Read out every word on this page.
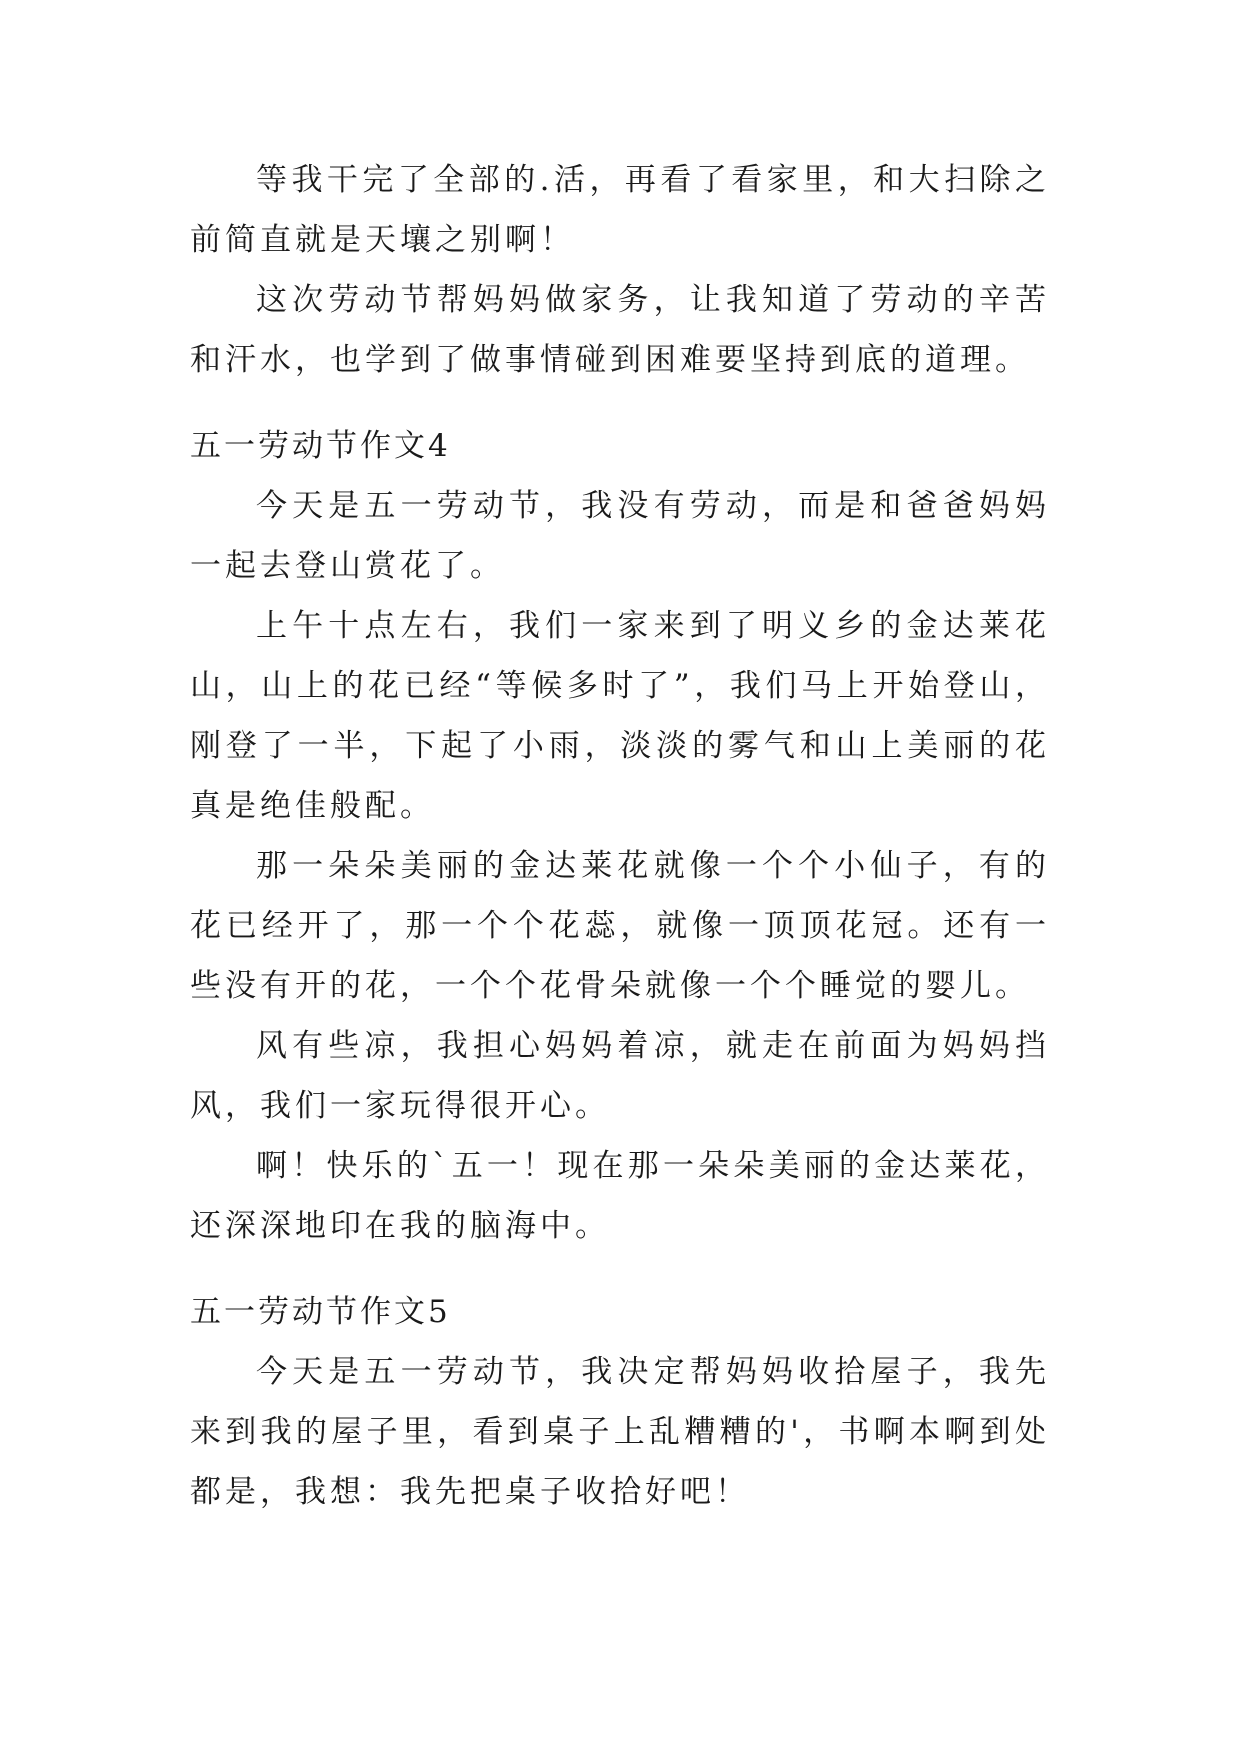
等我干完了全部的.活，再看了看家里，和大扫除之前简直就是天壤之别啊！

这次劳动节帮妈妈做家务，让我知道了劳动的辛苦和汗水，也学到了做事情碰到困难要坚持到底的道理。

五一劳动节作文4

今天是五一劳动节，我没有劳动，而是和爸爸妈妈一起去登山赏花了。

上午十点左右，我们一家来到了明义乡的金达莱花山，山上的花已经“等候多时了”，我们马上开始登山，刚登了一半，下起了小雨，淡淡的雾气和山上美丽的花真是绝佳般配。

那一朵朵美丽的金达莱花就像一个个小仙子，有的花已经开了，那一个个花蕊，就像一顶顶花冠。还有一些没有开的花，一个个花骨朵就像一个个睡觉的婴儿。

风有些凉，我担心妈妈着凉，就走在前面为妈妈挡风，我们一家玩得很开心。

啊！快乐的`五一！现在那一朵朵美丽的金达莱花，还深深地印在我的脑海中。

五一劳动节作文5

今天是五一劳动节，我决定帮妈妈收拾屋子，我先来到我的屋子里，看到桌子上乱糟糟的'，书啊本啊到处都是，我想：我先把桌子收拾好吧！
